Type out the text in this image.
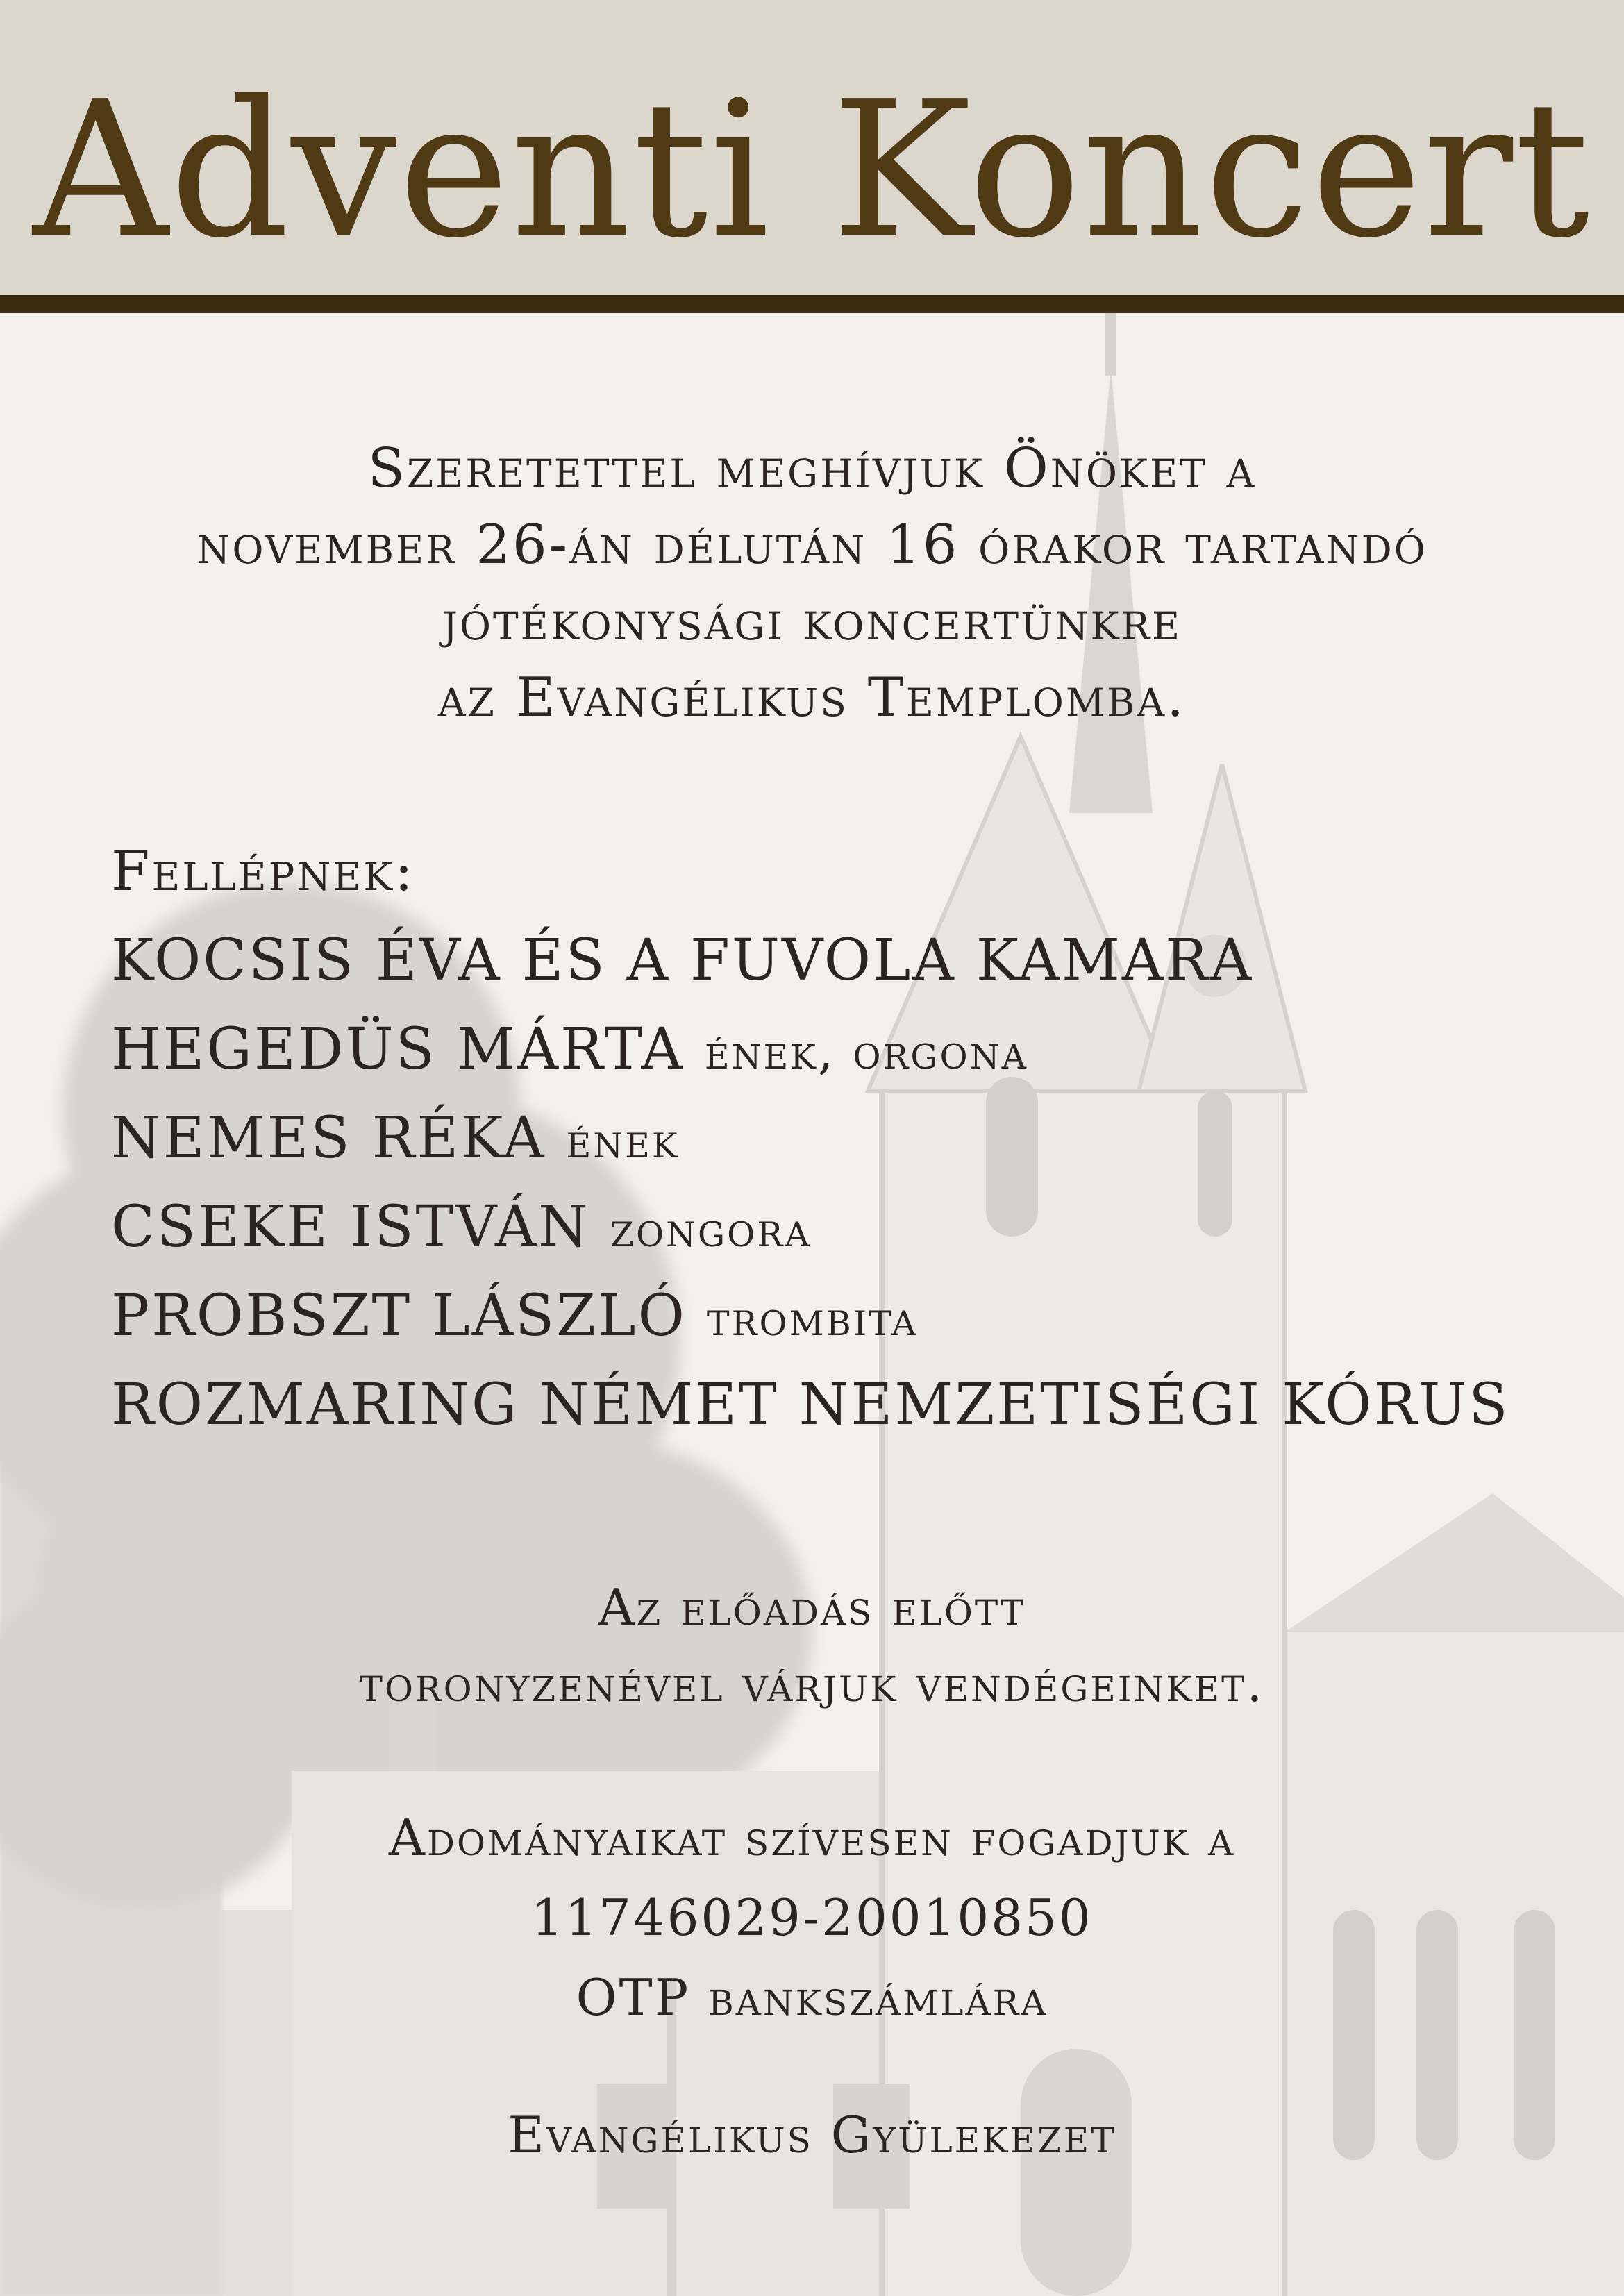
Adventi Koncert
Szeretettel meghívjuk Önöket a
november 26-án délután 16 órakor tartandó
jótékonysági koncertünkre
az Evangélikus Templomba.
Fellépnek:
KOCSIS ÉVA ÉS A FUVOLA KAMARA
HEGEDÜS MÁRTA ének, orgona
NEMES RÉKA ének
CSEKE ISTVÁN zongora
PROBSZT LÁSZLÓ trombita
ROZMARING NÉMET NEMZETISÉGI KÓRUS
Az előadás előtt
toronyzenével várjuk vendégeinket.
Adományaikat szívesen fogadjuk a
11746029-20010850
OTP bankszámlára
Evangélikus Gyülekezet
